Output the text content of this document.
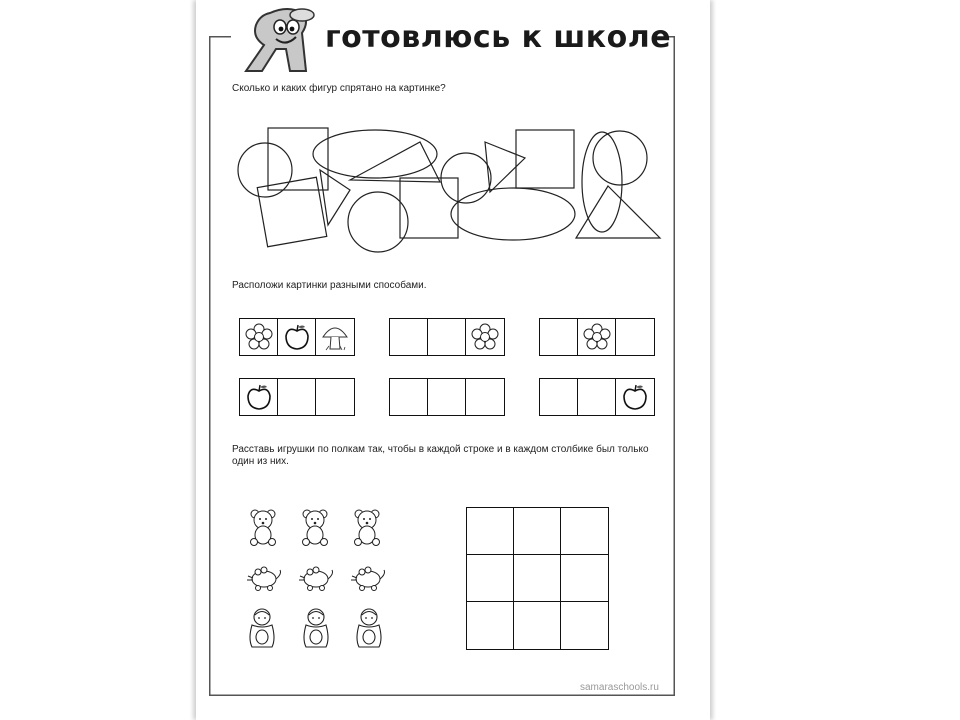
Я
готовлюсь к школе
Сколько и каких фигур спрятано на картинке?
Расположи картинки разными способами.
Расставь игрушки по полкам так, чтобы в каждой строке и в каждом столбике был только
один из них.
samaraschools.ru
